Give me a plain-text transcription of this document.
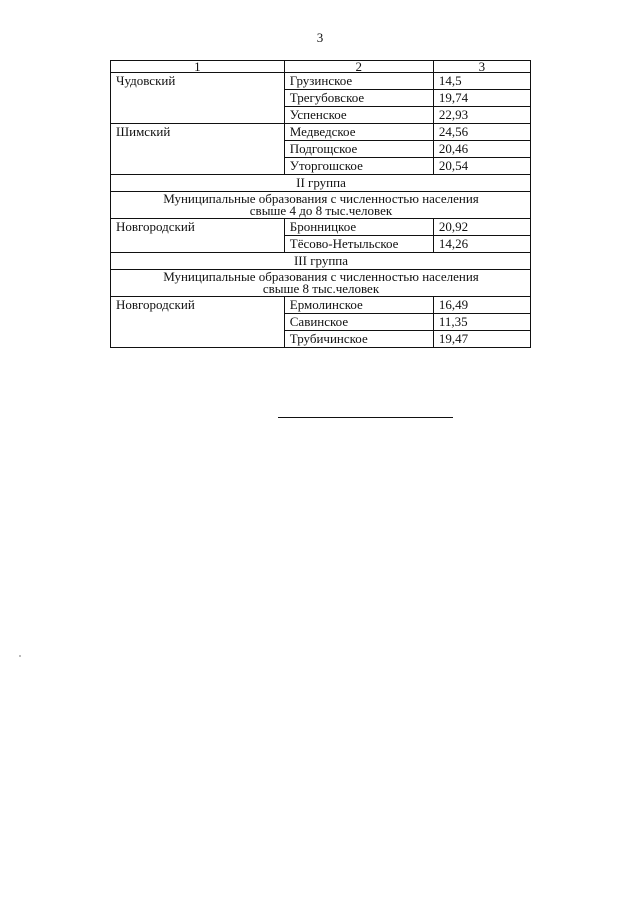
3
1	2	3
Чудовский	Грузинское	14,5
	Трегубовское	19,74
	Успенское	22,93
Шимский	Медведское	24,56
	Подгощское	20,46
	Уторгошское	20,54
II группа		

Муниципальные образования с численностью населения
свыше 4 до 8 тыс.человек		

Новгородский	Бронницкое	20,92
	Тёсово-Нетыльское	14,26
III группа		

Муниципальные образования с численностью населения
свыше 8 тыс.человек		

Новгородский	Ермолинское	16,49
	Савинское	11,35
	Трубичинское	19,47
